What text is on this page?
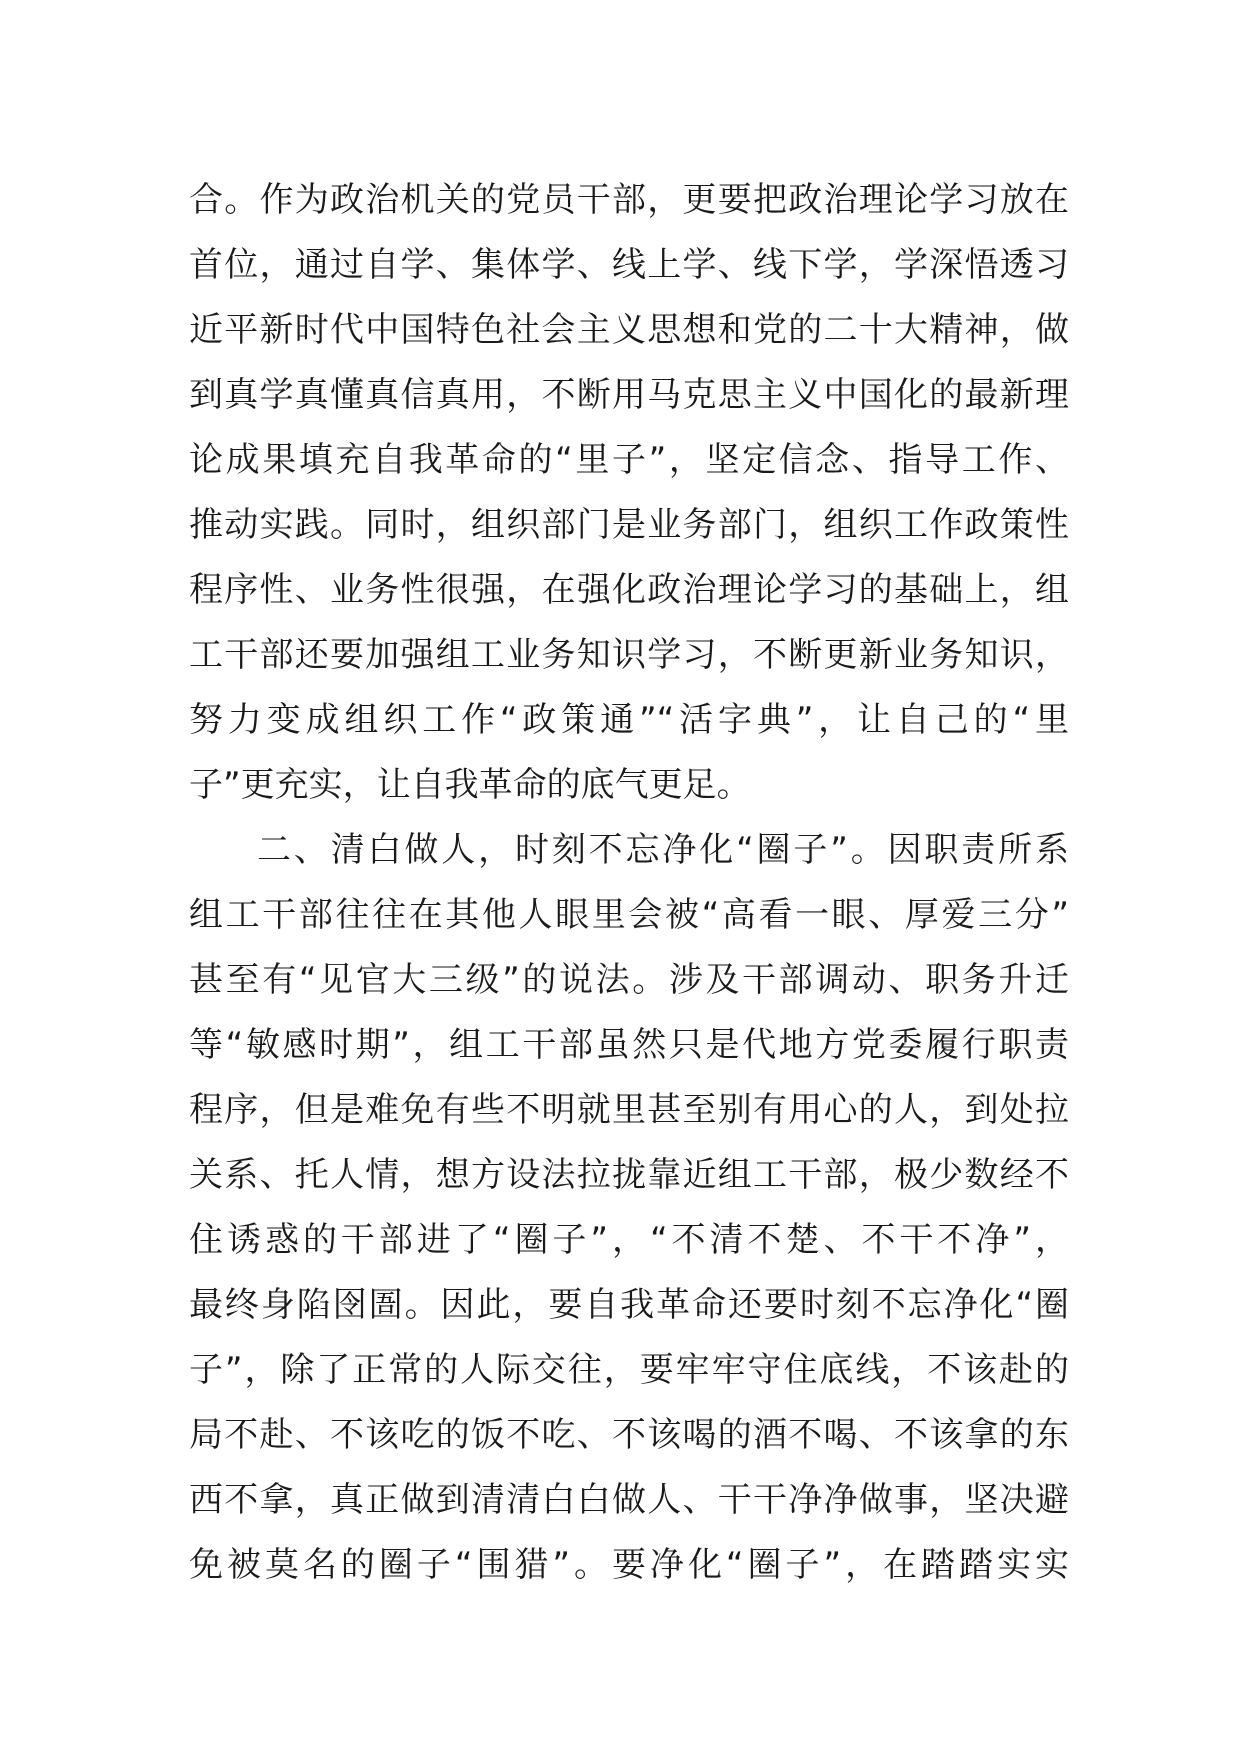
合。作为政治机关的党员干部，更要把政治理论学习放在
首位，通过自学、集体学、线上学、线下学，学深悟透习
近平新时代中国特色社会主义思想和党的二十大精神，做
到真学真懂真信真用，不断用马克思主义中国化的最新理
论成果填充自我革命的“里子”，坚定信念、指导工作、
推动实践。同时，组织部门是业务部门，组织工作政策性
程序性、业务性很强，在强化政治理论学习的基础上，组
工干部还要加强组工业务知识学习，不断更新业务知识，
努力变成组织工作“政策通”“活字典”，让自己的“里
子”更充实，让自我革命的底气更足。
二、清白做人，时刻不忘净化“圈子”。因职责所系
组工干部往往在其他人眼里会被“高看一眼、厚爱三分”
甚至有“见官大三级”的说法。涉及干部调动、职务升迁
等“敏感时期”，组工干部虽然只是代地方党委履行职责
程序，但是难免有些不明就里甚至别有用心的人，到处拉
关系、托人情，想方设法拉拢靠近组工干部，极少数经不
住诱惑的干部进了“圈子”，“不清不楚、不干不净”，
最终身陷囹圄。因此，要自我革命还要时刻不忘净化“圈
子”，除了正常的人际交往，要牢牢守住底线，不该赴的
局不赴、不该吃的饭不吃、不该喝的酒不喝、不该拿的东
西不拿，真正做到清清白白做人、干干净净做事，坚决避
免被莫名的圈子“围猎”。要净化“圈子”，在踏踏实实
